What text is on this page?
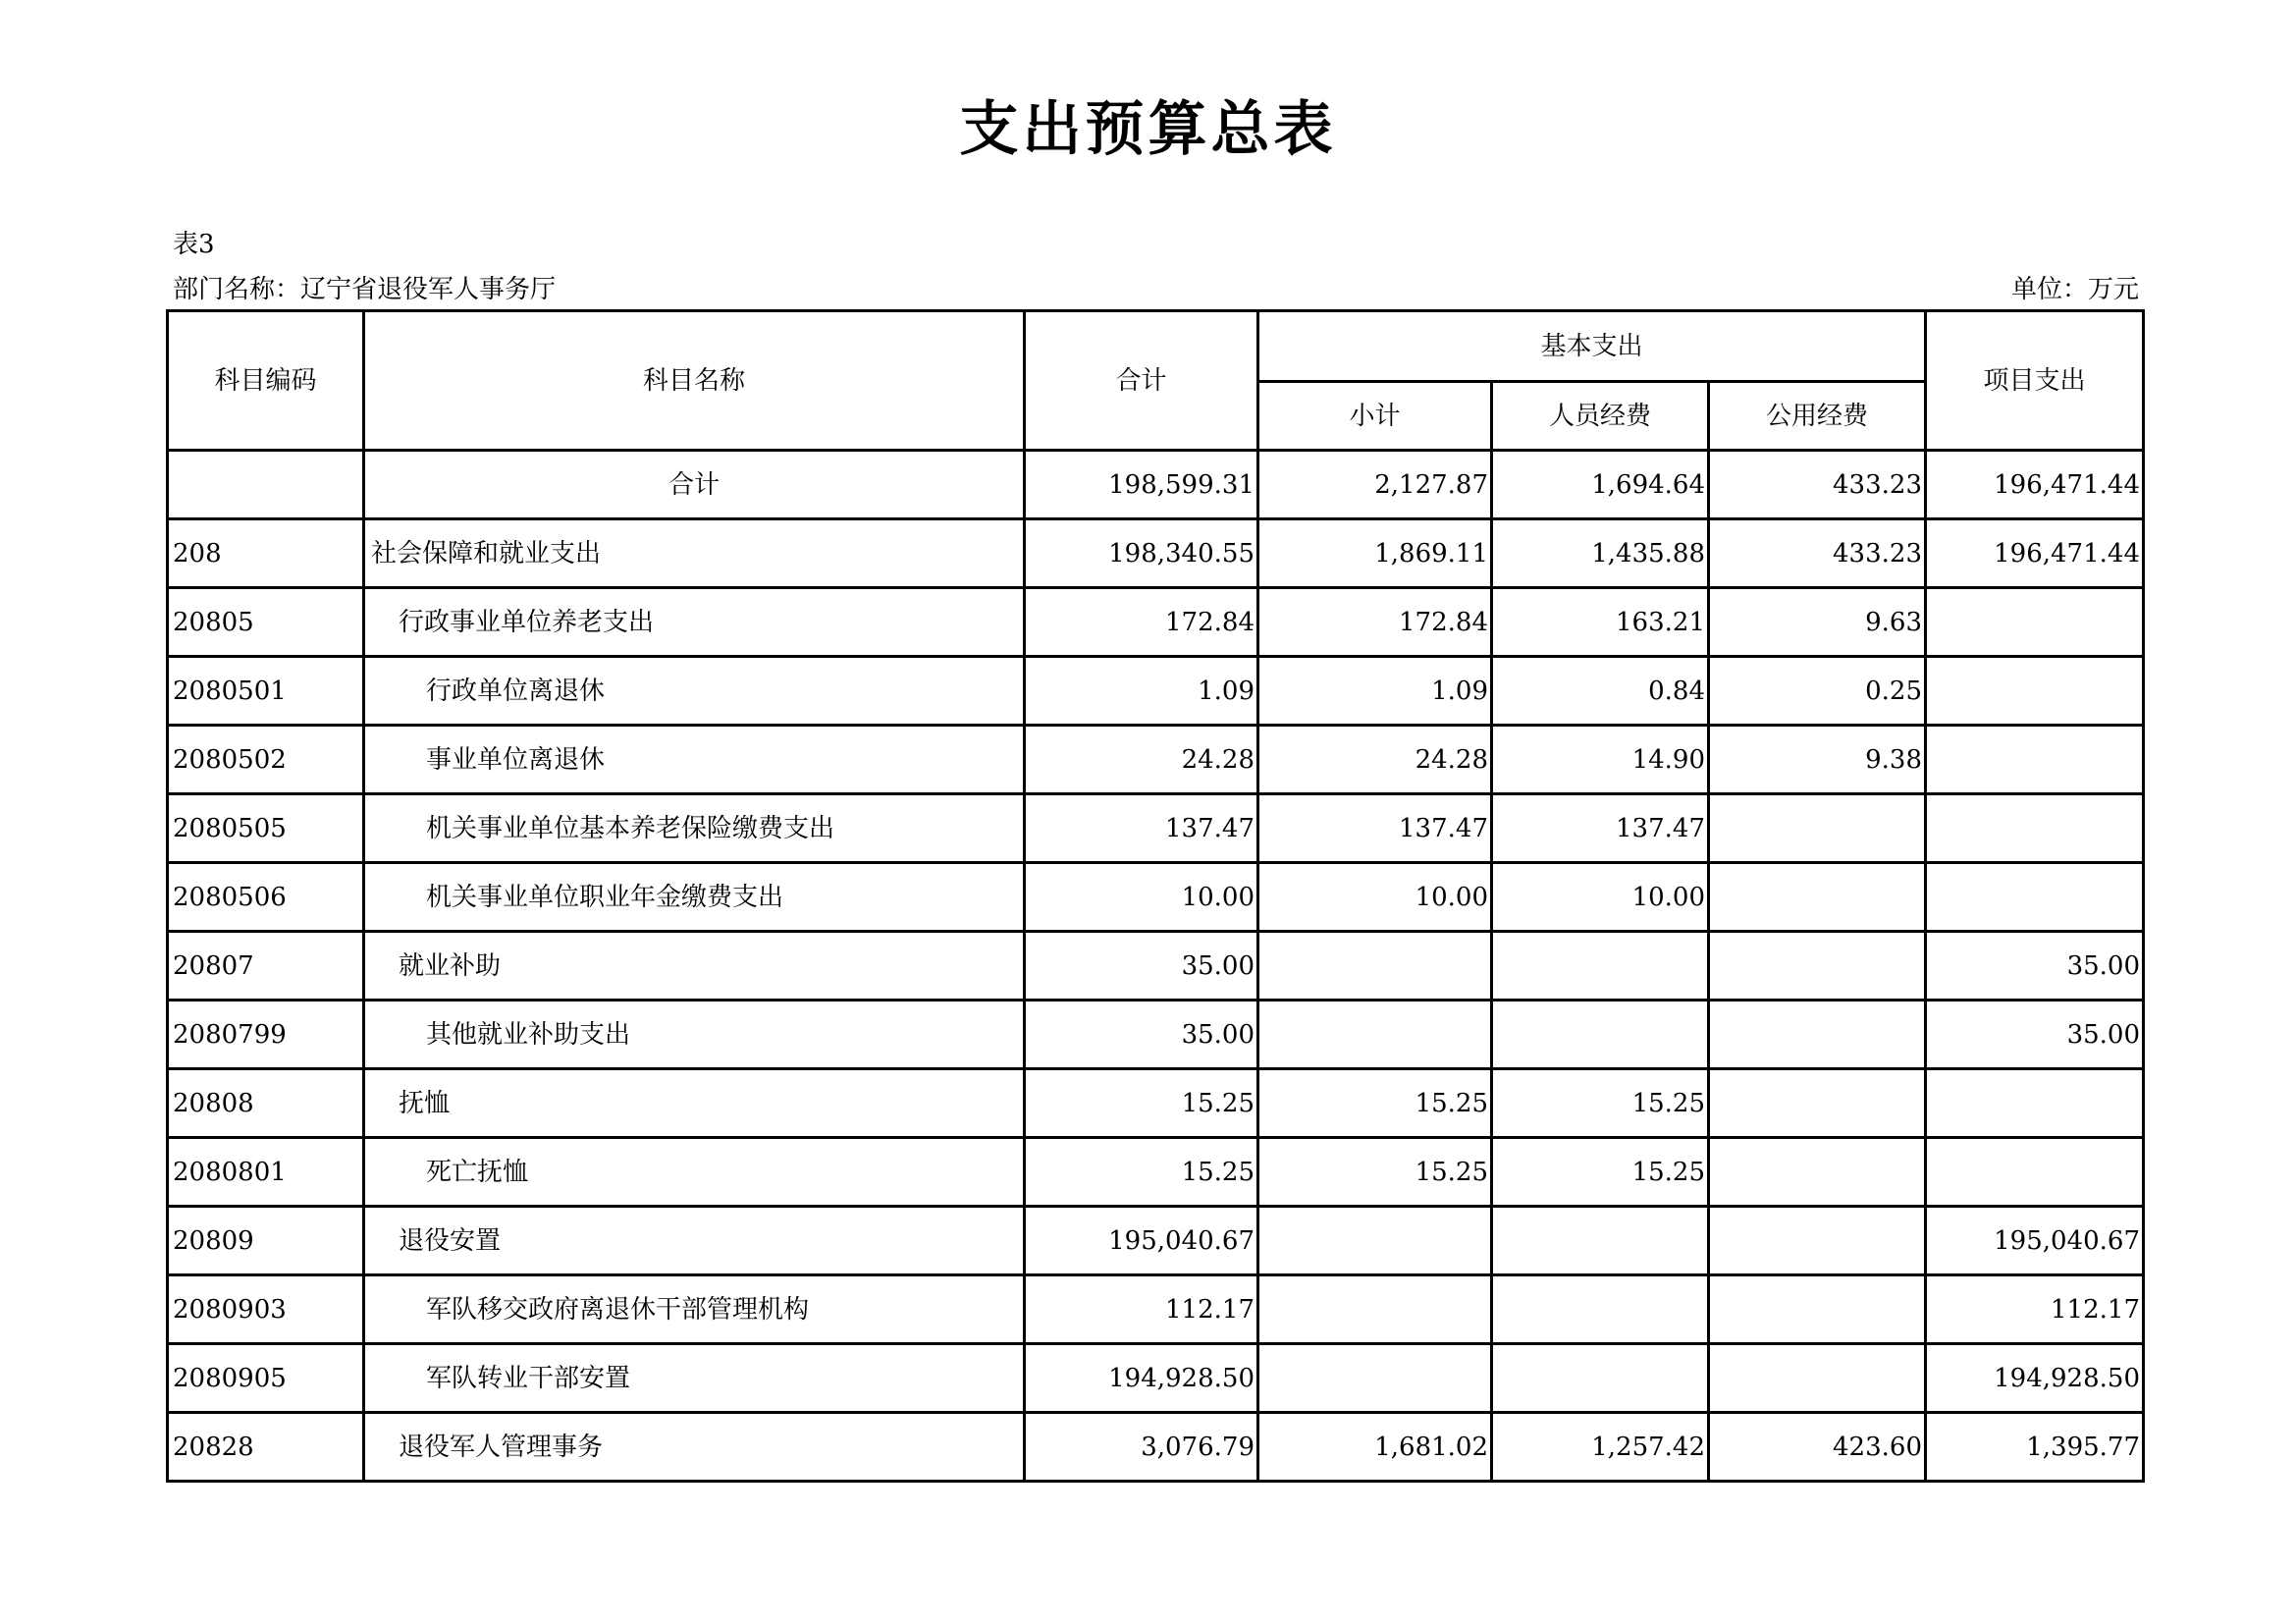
支出预算总表
表3
部门名称：辽宁省退役军人事务厅	单位：万元
科目编码	科目名称	合计	基本支出			项目支出
			小计	人员经费	公用经费	
	合计	198,599.31	2,127.87	1,694.64	433.23	196,471.44
208	社会保障和就业支出	198,340.55	1,869.11	1,435.88	433.23	196,471.44
20805	行政事业单位养老支出	172.84	172.84	163.21	9.63	
2080501	行政单位离退休	1.09	1.09	0.84	0.25	
2080502	事业单位离退休	24.28	24.28	14.90	9.38	
2080505	机关事业单位基本养老保险缴费支出	137.47	137.47	137.47		
2080506	机关事业单位职业年金缴费支出	10.00	10.00	10.00		
20807	就业补助	35.00				35.00
2080799	其他就业补助支出	35.00				35.00
20808	抚恤	15.25	15.25	15.25		
2080801	死亡抚恤	15.25	15.25	15.25		
20809	退役安置	195,040.67				195,040.67
2080903	军队移交政府离退休干部管理机构	112.17				112.17
2080905	军队转业干部安置	194,928.50				194,928.50
20828	退役军人管理事务	3,076.79	1,681.02	1,257.42	423.60	1,395.77
